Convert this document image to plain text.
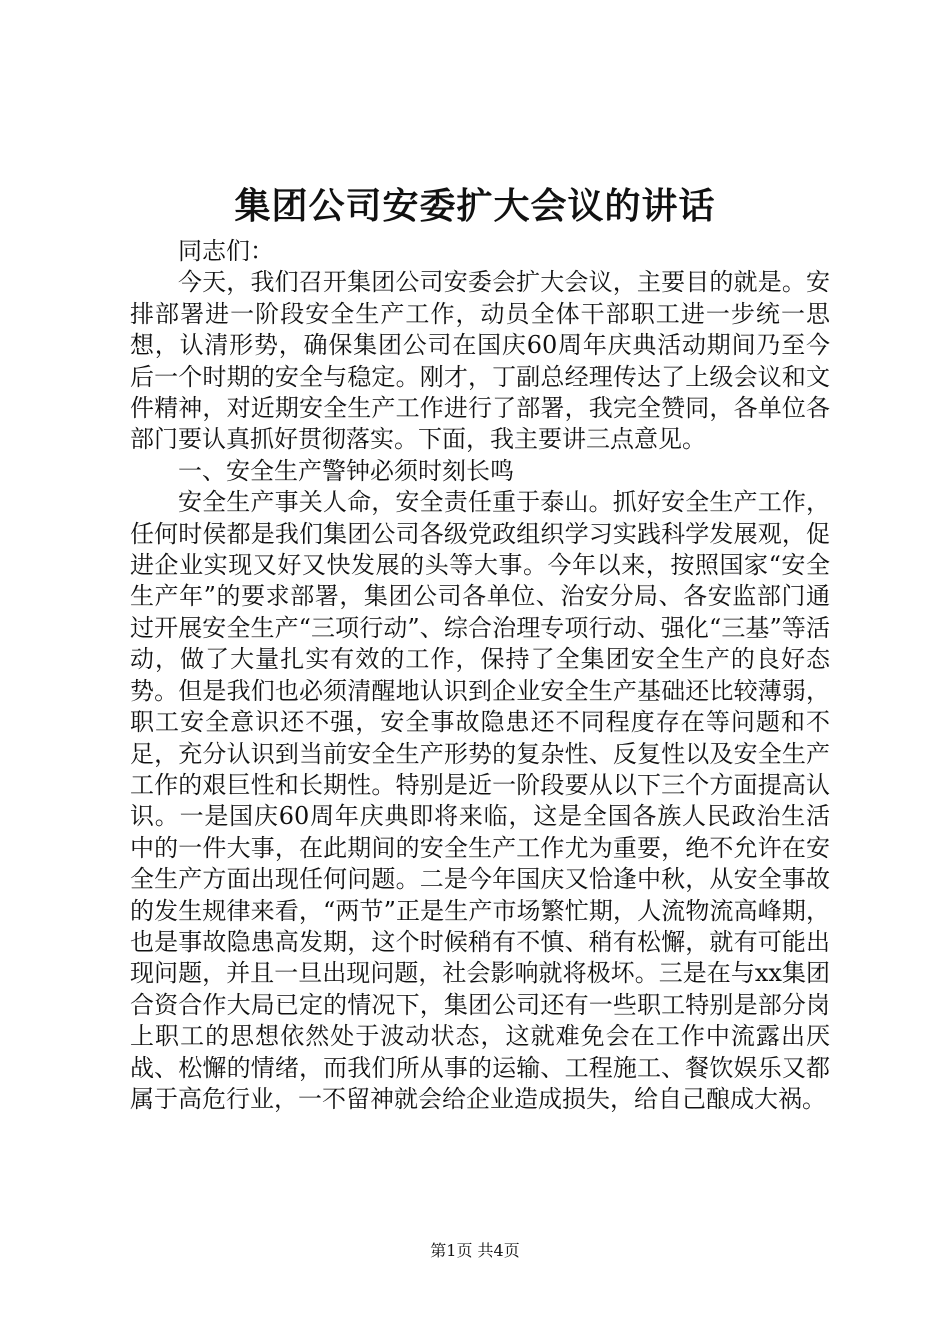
集团公司安委扩大会议的讲话

同志们：

今天，我们召开集团公司安委会扩大会议，主要目的就是。安排部署进一阶段安全生产工作，动员全体干部职工进一步统一思想，认清形势，确保集团公司在国庆60周年庆典活动期间乃至今后一个时期的安全与稳定。刚才，丁副总经理传达了上级会议和文件精神，对近期安全生产工作进行了部署，我完全赞同，各单位各部门要认真抓好贯彻落实。下面，我主要讲三点意见。

一、安全生产警钟必须时刻长鸣

安全生产事关人命，安全责任重于泰山。抓好安全生产工作，任何时侯都是我们集团公司各级党政组织学习实践科学发展观，促进企业实现又好又快发展的头等大事。今年以来，按照国家“安全生产年”的要求部署，集团公司各单位、治安分局、各安监部门通过开展安全生产“三项行动”、综合治理专项行动、强化“三基”等活动，做了大量扎实有效的工作，保持了全集团安全生产的良好态势。但是我们也必须清醒地认识到企业安全生产基础还比较薄弱，职工安全意识还不强，安全事故隐患还不同程度存在等问题和不足，充分认识到当前安全生产形势的复杂性、反复性以及安全生产工作的艰巨性和长期性。特别是近一阶段要从以下三个方面提高认识。一是国庆60周年庆典即将来临，这是全国各族人民政治生活中的一件大事，在此期间的安全生产工作尤为重要，绝不允许在安全生产方面出现任何问题。二是今年国庆又恰逢中秋，从安全事故的发生规律来看，“两节”正是生产市场繁忙期，人流物流高峰期，也是事故隐患高发期，这个时候稍有不慎、稍有松懈，就有可能出现问题，并且一旦出现问题，社会影响就将极坏。三是在与xx集团合资合作大局已定的情况下，集团公司还有一些职工特别是部分岗上职工的思想依然处于波动状态，这就难免会在工作中流露出厌战、松懈的情绪，而我们所从事的运输、工程施工、餐饮娱乐又都属于高危行业，一不留神就会给企业造成损失，给自己酿成大祸。

第1页 共4页
